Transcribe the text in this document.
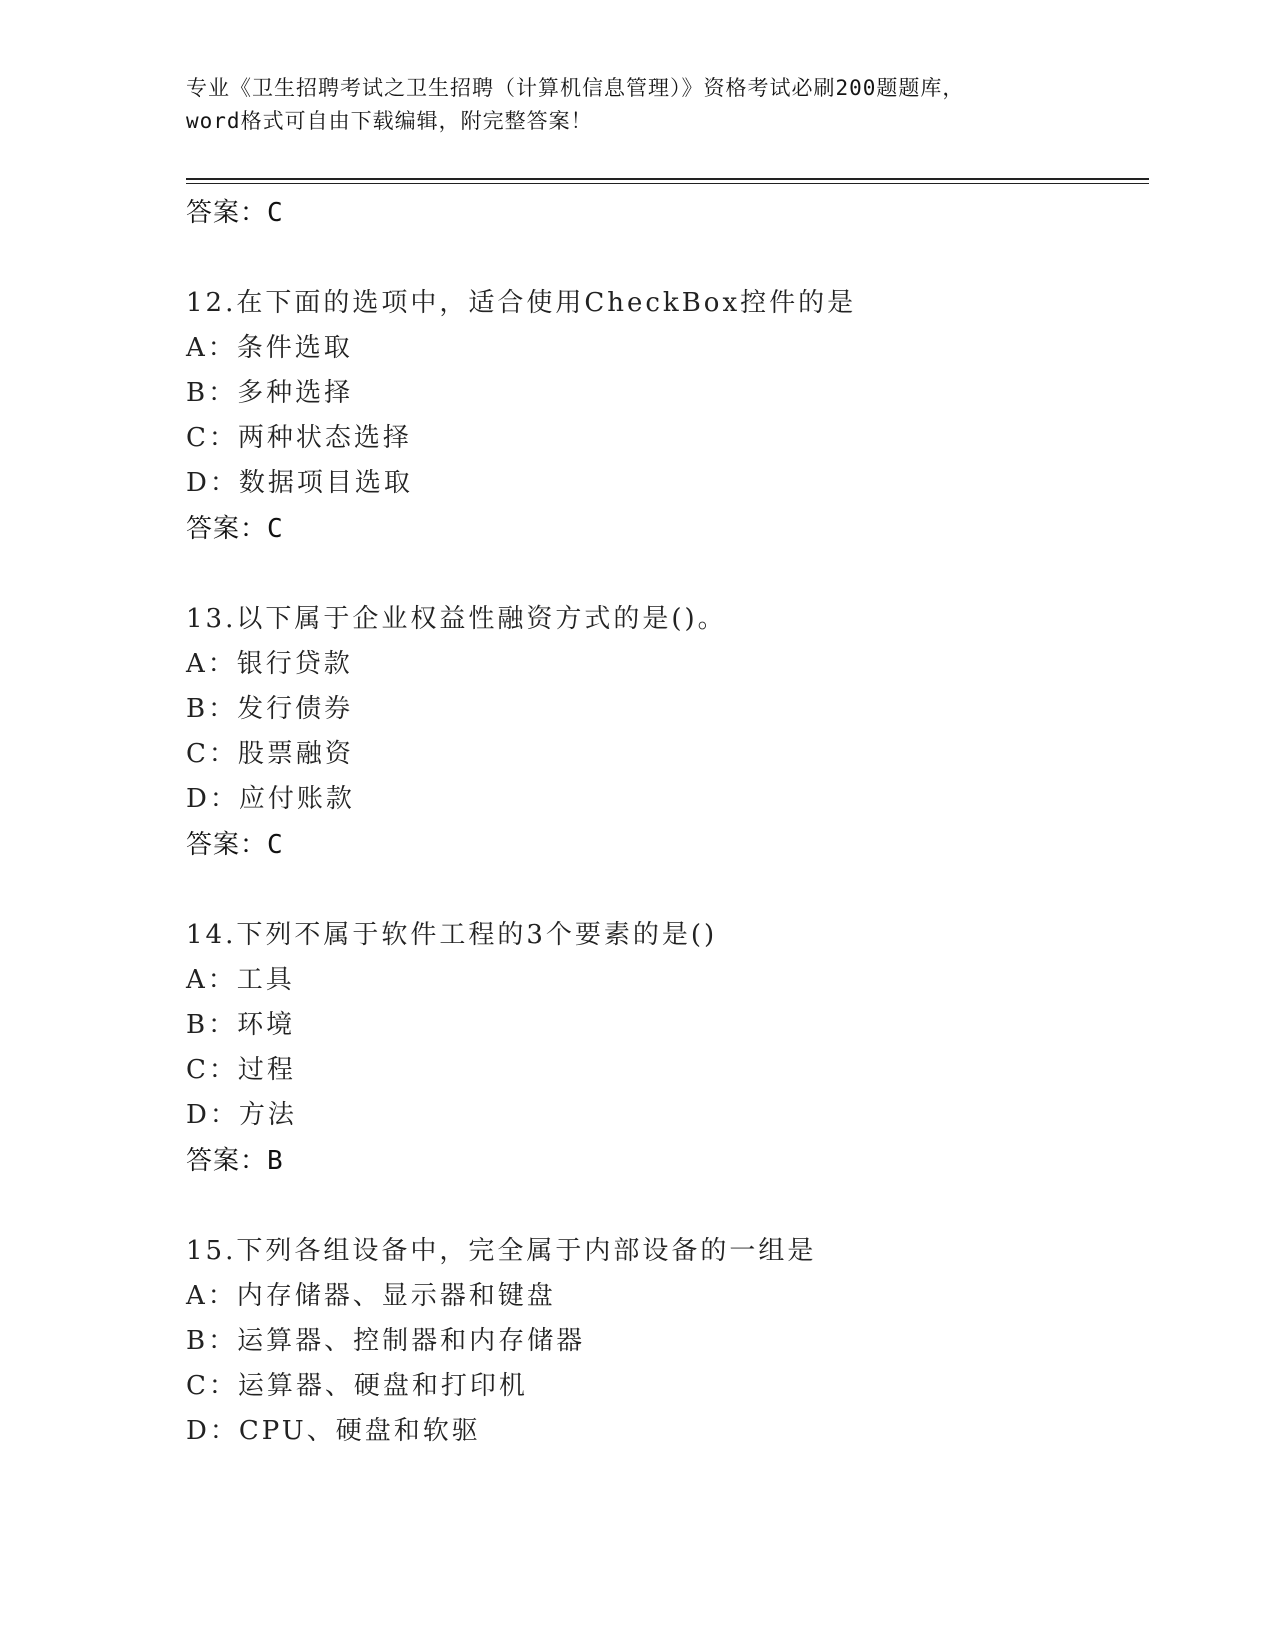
专业《卫生招聘考试之卫生招聘（计算机信息管理）》资格考试必刷200题题库，
word格式可自由下载编辑，附完整答案！
答案：C
12.在下面的选项中，适合使用CheckBox控件的是
A：条件选取
B：多种选择
C：两种状态选择
D：数据项目选取
答案：C
13.以下属于企业权益性融资方式的是()。
A：银行贷款
B：发行债券
C：股票融资
D：应付账款
答案：C
14.下列不属于软件工程的3个要素的是()
A：工具
B：环境
C：过程
D：方法
答案：B
15.下列各组设备中，完全属于内部设备的一组是
A：内存储器、显示器和键盘
B：运算器、控制器和内存储器
C：运算器、硬盘和打印机
D：CPU、硬盘和软驱
